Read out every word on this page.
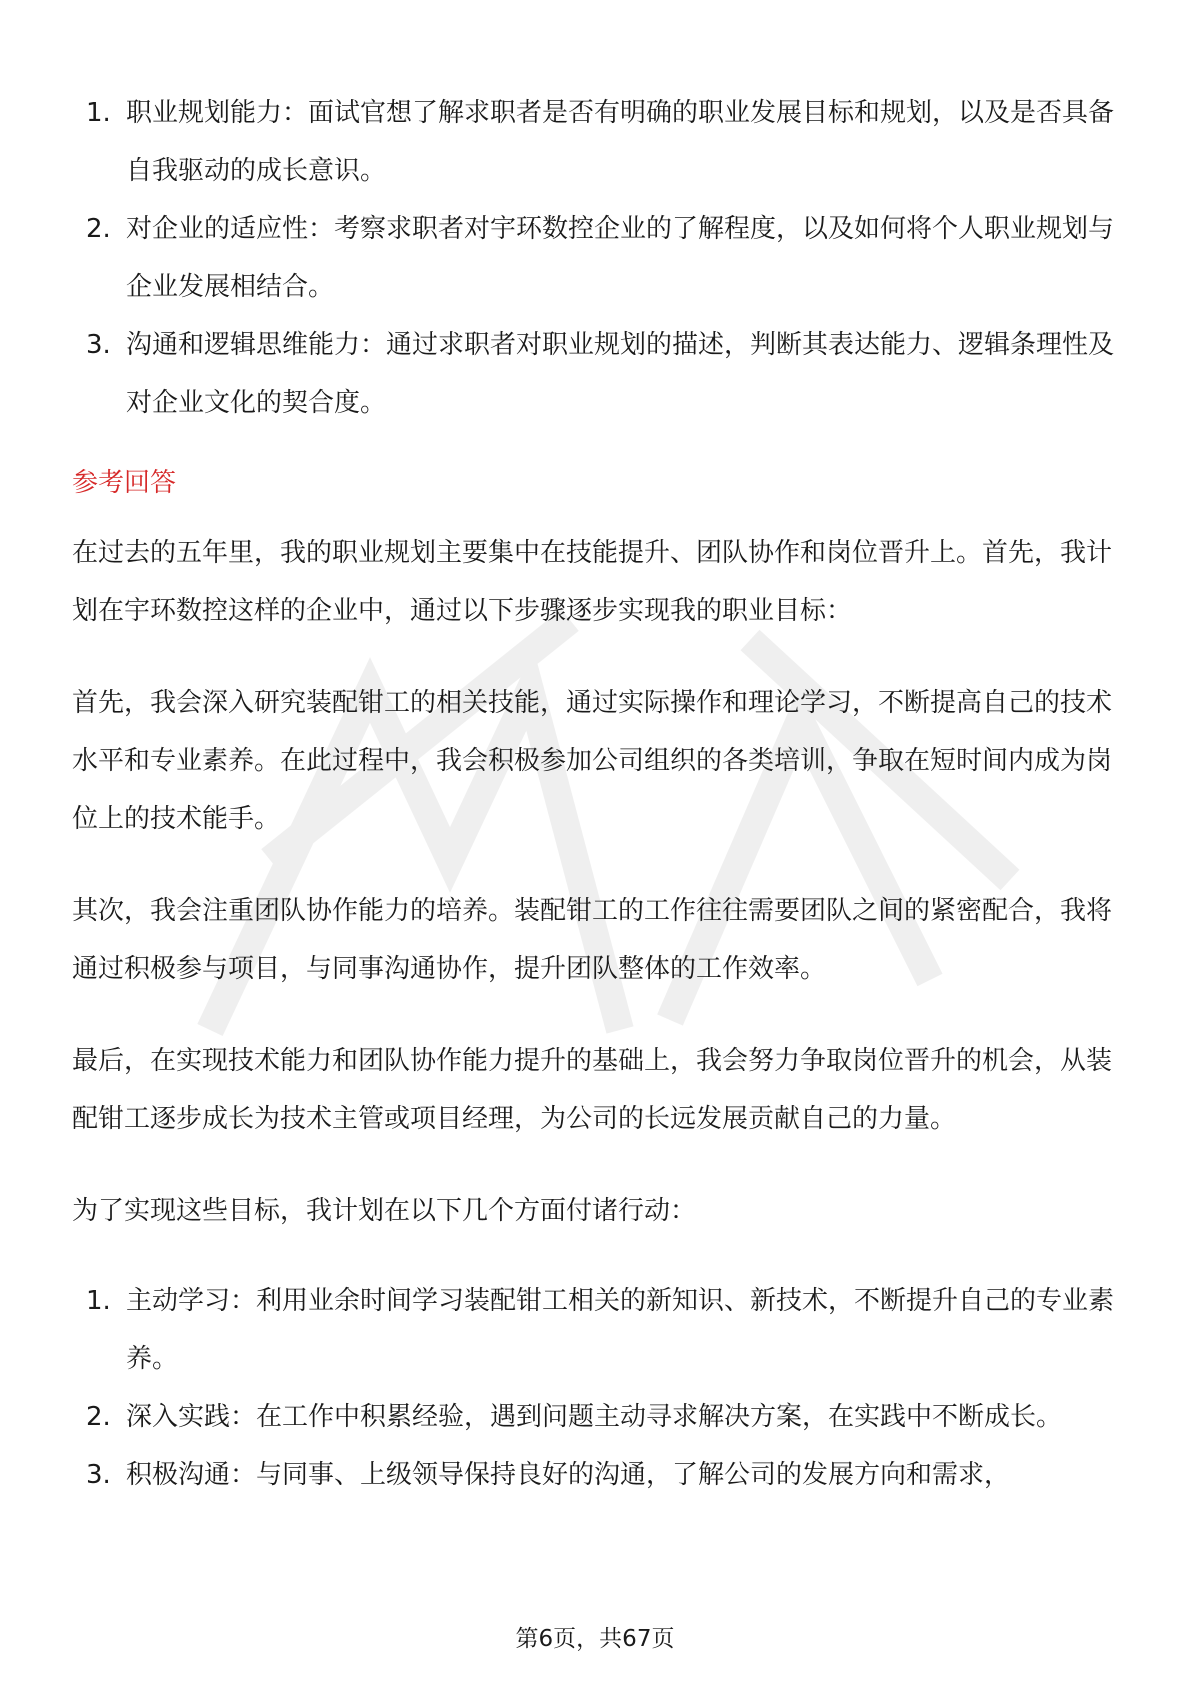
1. 职业规划能力：面试官想了解求职者是否有明确的职业发展目标和规划，以及是否具备自我驱动的成长意识。
2. 对企业的适应性：考察求职者对宇环数控企业的了解程度，以及如何将个人职业规划与企业发展相结合。
3. 沟通和逻辑思维能力：通过求职者对职业规划的描述，判断其表达能力、逻辑条理性及对企业文化的契合度。
参考回答

在过去的五年里，我的职业规划主要集中在技能提升、团队协作和岗位晋升上。首先，我计划在宇环数控这样的企业中，通过以下步骤逐步实现我的职业目标：

首先，我会深入研究装配钳工的相关技能，通过实际操作和理论学习，不断提高自己的技术水平和专业素养。在此过程中，我会积极参加公司组织的各类培训，争取在短时间内成为岗位上的技术能手。

其次，我会注重团队协作能力的培养。装配钳工的工作往往需要团队之间的紧密配合，我将通过积极参与项目，与同事沟通协作，提升团队整体的工作效率。

最后，在实现技术能力和团队协作能力提升的基础上，我会努力争取岗位晋升的机会，从装配钳工逐步成长为技术主管或项目经理，为公司的长远发展贡献自己的力量。

为了实现这些目标，我计划在以下几个方面付诸行动：

1. 主动学习：利用业余时间学习装配钳工相关的新知识、新技术，不断提升自己的专业素养。
2. 深入实践：在工作中积累经验，遇到问题主动寻求解决方案，在实践中不断成长。
3. 积极沟通：与同事、上级领导保持良好的沟通，了解公司的发展方向和需求，
第6页，共67页
